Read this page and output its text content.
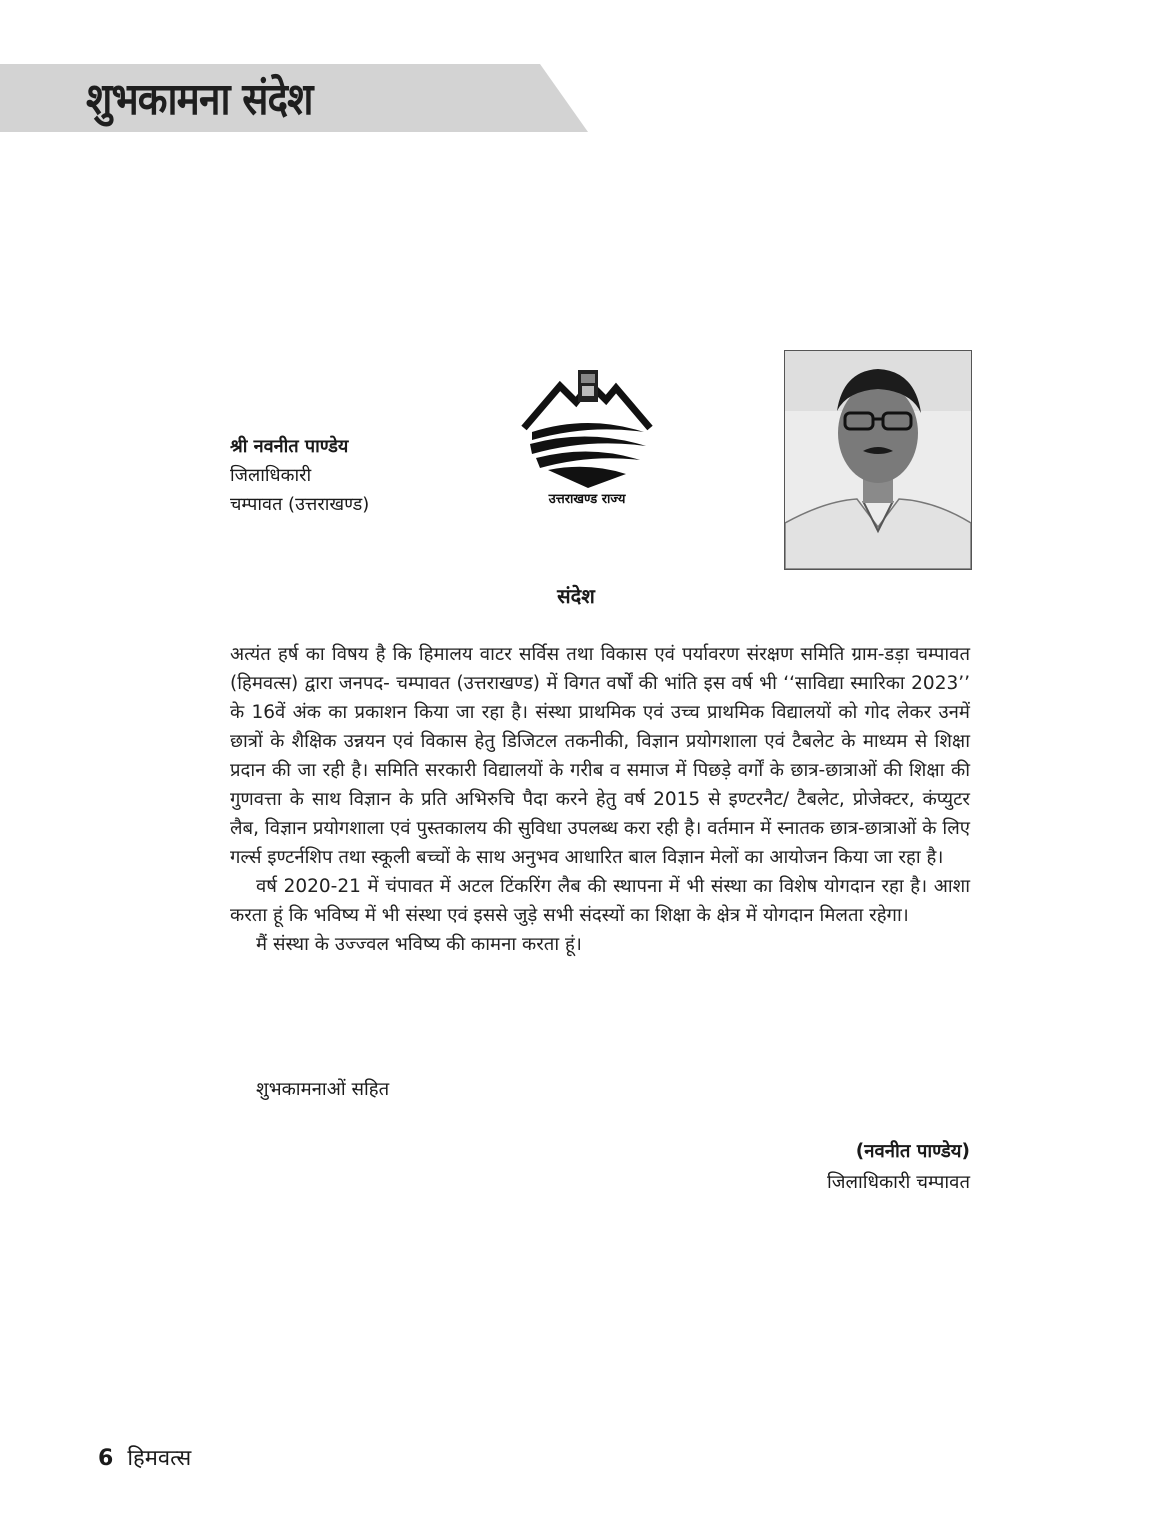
शुभकामना संदेश
श्री नवनीत पाण्डेय
जिलाधिकारी
चम्पावत (उत्तराखण्ड)	उत्तराखण्ड राज्य
संदेश

अत्यंत हर्ष का विषय है कि हिमालय वाटर सर्विस तथा विकास एवं पर्यावरण संरक्षण समिति ग्राम-डड़ा चम्पावत (हिमवत्स) द्वारा जनपद- चम्पावत (उत्तराखण्ड) में विगत वर्षों की भांति इस वर्ष भी ‘‘साविद्या स्मारिका 2023’’ के 16वें अंक का प्रकाशन किया जा रहा है। संस्था प्राथमिक एवं उच्च प्राथमिक विद्यालयों को गोद लेकर उनमें छात्रों के शैक्षिक उन्नयन एवं विकास हेतु डिजिटल तकनीकी, विज्ञान प्रयोगशाला एवं टैबलेट के माध्यम से शिक्षा प्रदान की जा रही है। समिति सरकारी विद्यालयों के गरीब व समाज में पिछड़े वर्गों के छात्र-छात्राओं की शिक्षा की गुणवत्ता के साथ विज्ञान के प्रति अभिरुचि पैदा करने हेतु वर्ष 2015 से इण्टरनैट/ टैबलेट, प्रोजेक्टर, कंप्युटर लैब, विज्ञान प्रयोगशाला एवं पुस्तकालय की सुविधा उपलब्ध करा रही है। वर्तमान में स्नातक छात्र-छात्राओं के लिए गर्ल्स इण्टर्नशिप तथा स्कूली बच्चों के साथ अनुभव आधारित बाल विज्ञान मेलों का आयोजन किया जा रहा है।

वर्ष 2020-21 में चंपावत में अटल टिंकरिंग लैब की स्थापना में भी संस्था का विशेष योगदान रहा है। आशा करता हूं कि भविष्य में भी संस्था एवं इससे जुड़े सभी संदस्यों का शिक्षा के क्षेत्र में योगदान मिलता रहेगा।

मैं संस्था के उज्ज्वल भविष्य की कामना करता हूं।

शुभकामनाओं सहित
(नवनीत पाण्डेय)
जिलाधिकारी चम्पावत
6 हिमवत्स
